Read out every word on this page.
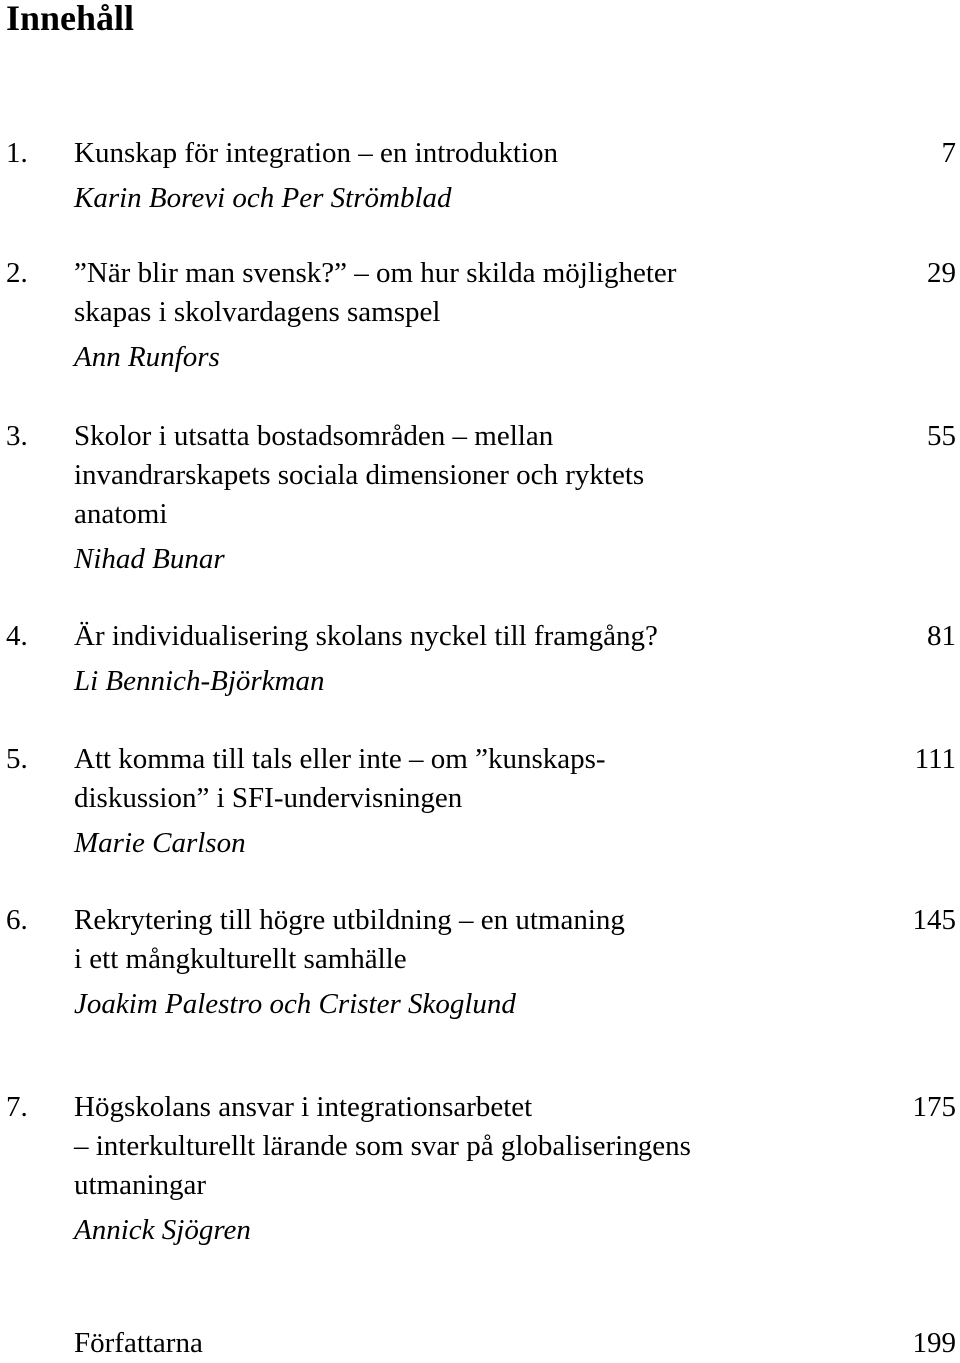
Innehåll
1. Kunskap för integration – en introduktion
Karin Borevi och Per Strömblad
7
2. ”När blir man svensk?” – om hur skilda möjligheter
skapas i skolvardagens samspel
Ann Runfors
29
3. Skolor i utsatta bostadsområden – mellan
invandrarskapets sociala dimensioner och ryktets
anatomi
Nihad Bunar
55
4. Är individualisering skolans nyckel till framgång?
Li Bennich-Björkman
81
5. Att komma till tals eller inte – om ”kunskaps-
diskussion” i SFI-undervisningen
Marie Carlson
111
6. Rekrytering till högre utbildning – en utmaning
i ett mångkulturellt samhälle
Joakim Palestro och Crister Skoglund
145
7. Högskolans ansvar i integrationsarbetet
– interkulturellt lärande som svar på globaliseringens
utmaningar
Annick Sjögren
175
Författarna	199
